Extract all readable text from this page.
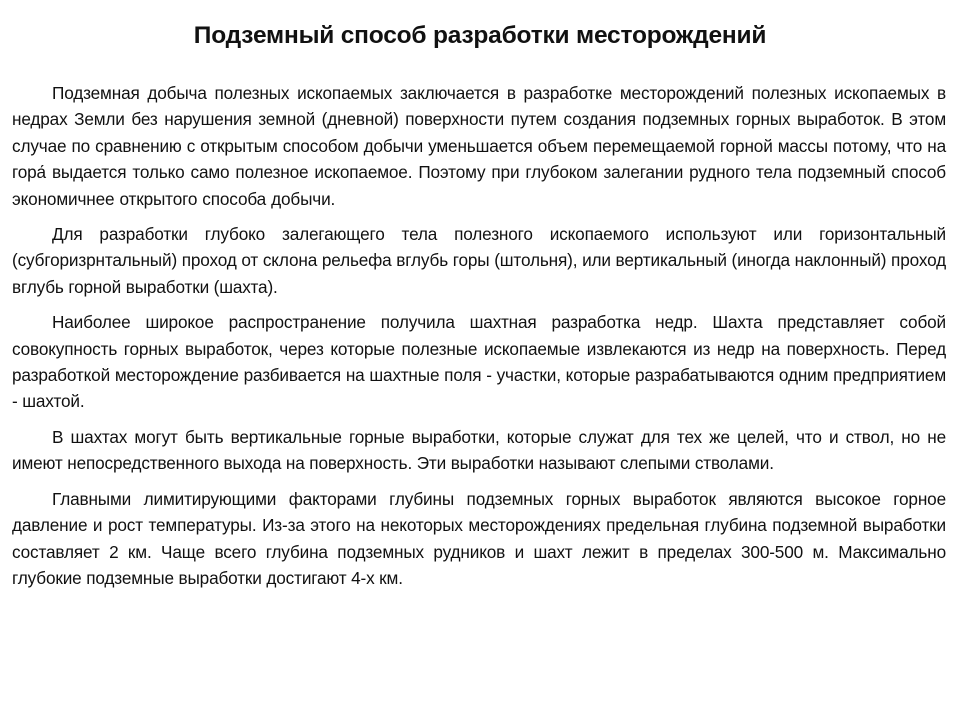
Подземный способ разработки месторождений

Подземная добыча полезных ископаемых заключается в разработке месторождений полезных ископаемых в недрах Земли без нарушения земной (дневной) поверхности путем создания подземных горных выработок. В этом случае по сравнению с открытым способом добычи уменьшается объем перемещаемой горной массы потому, что на гора́ выдается только само полезное ископаемое. Поэтому при глубоком залегании рудного тела подземный способ экономичнее открытого способа добычи.

Для разработки глубоко залегающего тела полезного ископаемого используют или горизонтальный (субгоризрнтальный) проход от склона рельефа вглубь горы (штольня), или вертикальный (иногда наклонный) проход вглубь горной выработки (шахта).

Наиболее широкое распространение получила шахтная разработка недр. Шахта представляет собой совокупность горных выработок, через которые полезные ископаемые извлекаются из недр на поверхность. Перед разработкой месторождение разбивается на шахтные поля - участки, которые разрабатываются одним предприятием - шахтой.

В шахтах могут быть вертикальные горные выработки, которые служат для тех же целей, что и ствол, но не имеют непосредственного выхода на поверхность. Эти выработки называют слепыми стволами.

Главными лимитирующими факторами глубины подземных горных выработок являются высокое горное давление и рост температуры. Из-за этого на некоторых месторождениях предельная глубина подземной выработки составляет 2 км. Чаще всего глубина подземных рудников и шахт лежит в пределах 300-500 м. Максимально глубокие подземные выработки достигают 4-х км.
